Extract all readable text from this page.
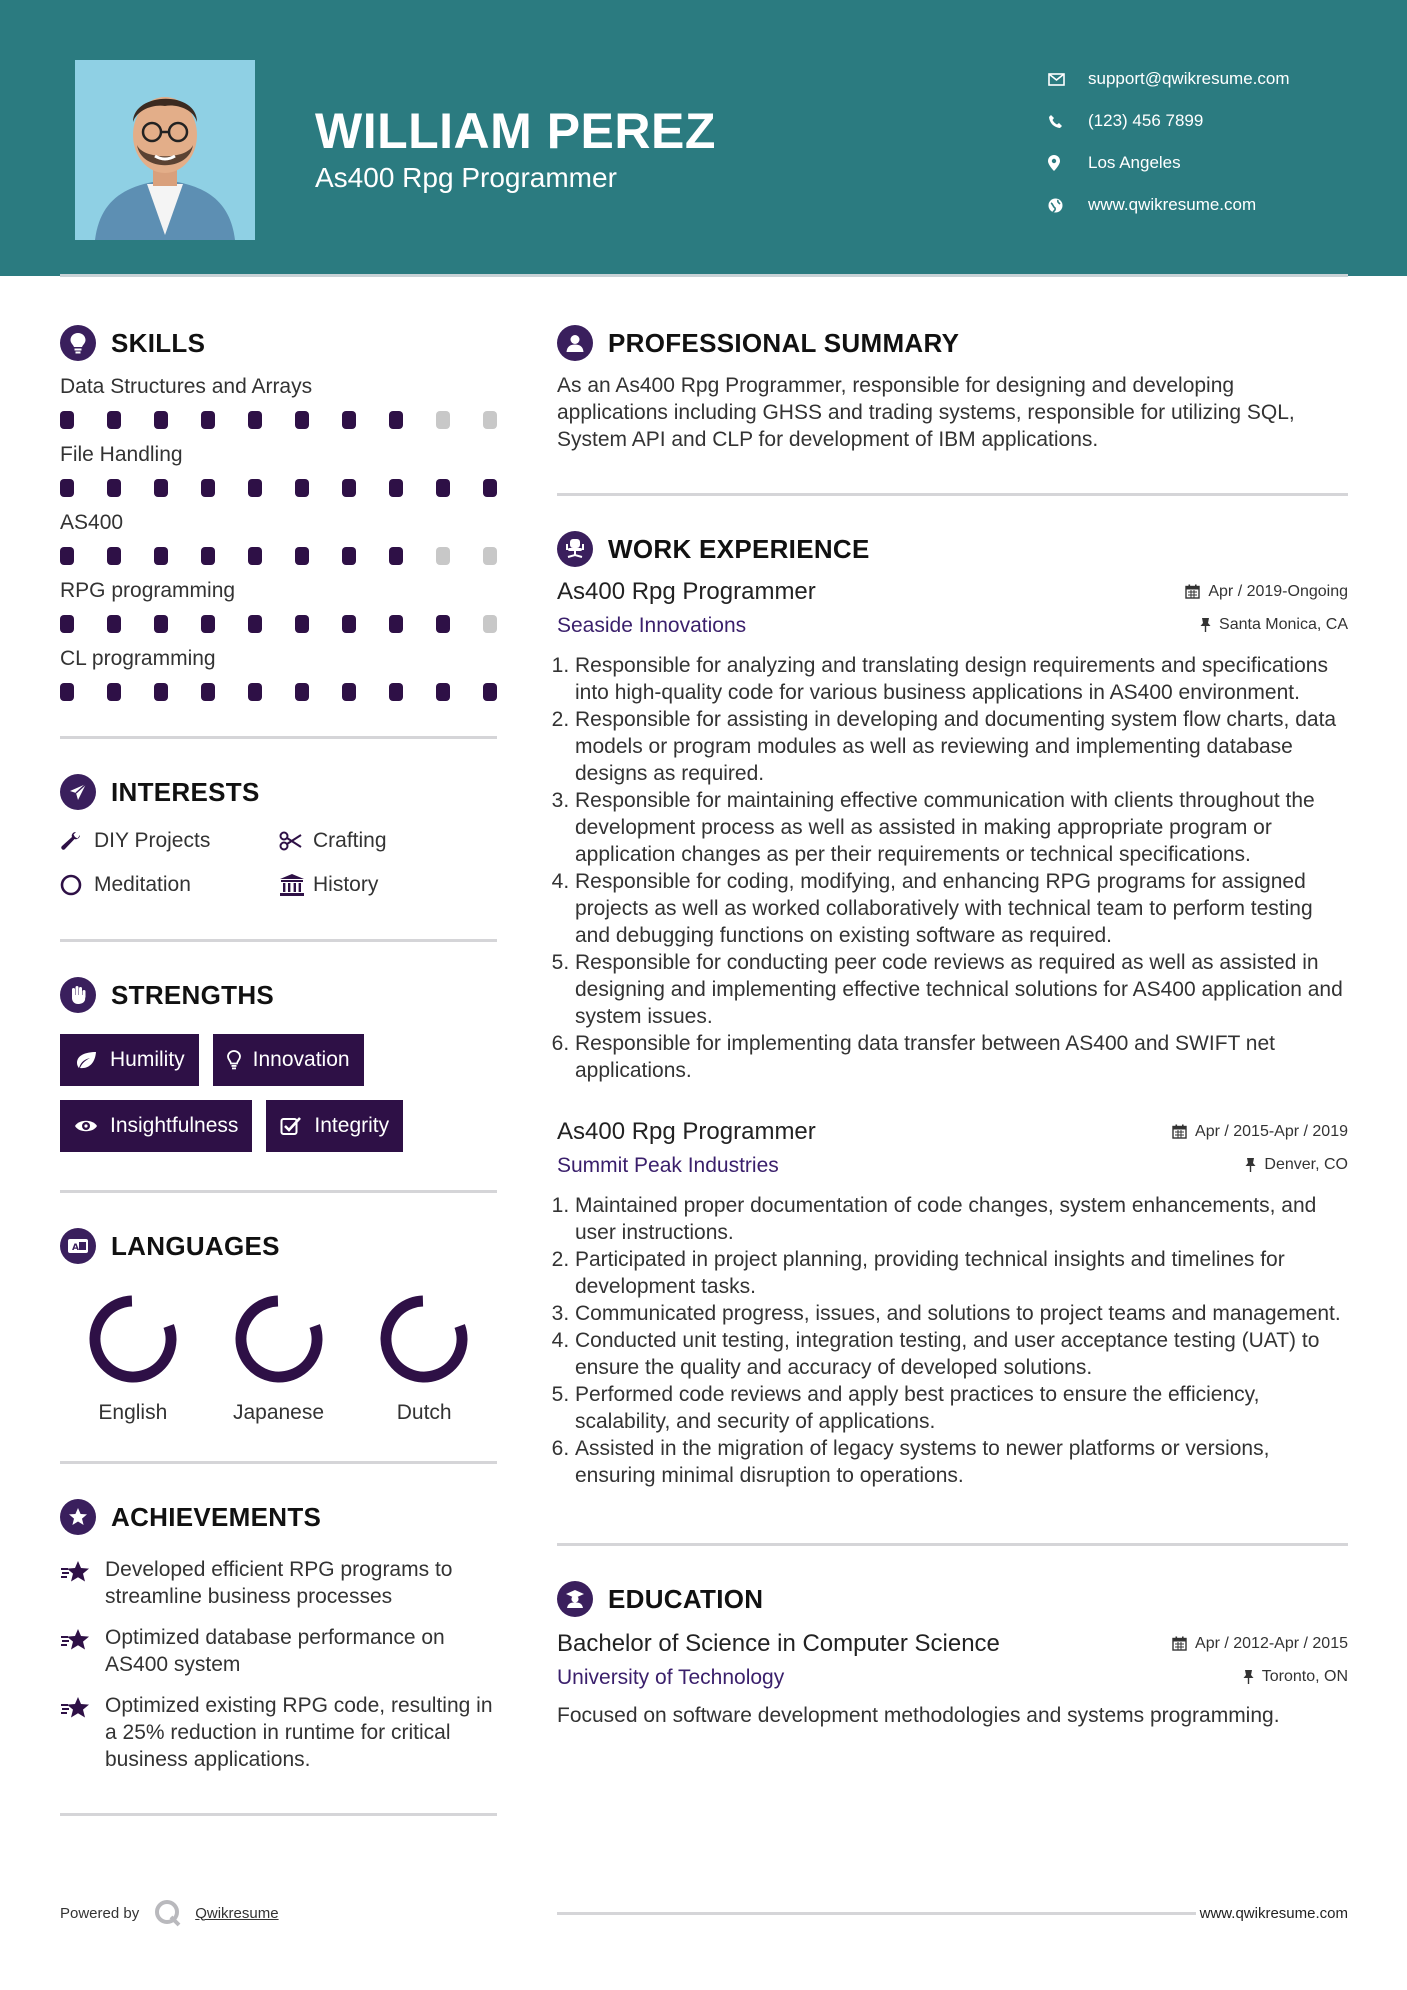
WILLIAM PEREZ
As400 Rpg Programmer
support@qwikresume.com
(123) 456 7899
Los Angeles
www.qwikresume.com
SKILLS
Data Structures and Arrays
File Handling
AS400
RPG programming
CL programming
INTERESTS
DIY Projects	Crafting
Meditation	History
STRENGTHS
Humility	Innovation
Insightfulness	Integrity
A LANGUAGES
English	Japanese	Dutch
ACHIEVEMENTS
Developed efficient RPG programs to streamline business processes
Optimized database performance on AS400 system
Optimized existing RPG code, resulting in a 25% reduction in runtime for critical business applications.
PROFESSIONAL SUMMARY

As an As400 Rpg Programmer, responsible for designing and developing applications including GHSS and trading systems, responsible for utilizing SQL, System API and CLP for development of IBM applications.

WORK EXPERIENCE
As400 Rpg Programmer	Apr / 2019-Ongoing
Seaside Innovations	Santa Monica, CA
1. Responsible for analyzing and translating design requirements and specifications into high-quality code for various business applications in AS400 environment.
2. Responsible for assisting in developing and documenting system flow charts, data models or program modules as well as reviewing and implementing database designs as required.
3. Responsible for maintaining effective communication with clients throughout the development process as well as assisted in making appropriate program or application changes as per their requirements or technical specifications.
4. Responsible for coding, modifying, and enhancing RPG programs for assigned projects as well as worked collaboratively with technical team to perform testing and debugging functions on existing software as required.
5. Responsible for conducting peer code reviews as required as well as assisted in designing and implementing effective technical solutions for AS400 application and system issues.
6. Responsible for implementing data transfer between AS400 and SWIFT net applications.
As400 Rpg Programmer	Apr / 2015-Apr / 2019
Summit Peak Industries	Denver, CO
1. Maintained proper documentation of code changes, system enhancements, and user instructions.
2. Participated in project planning, providing technical insights and timelines for development tasks.
3. Communicated progress, issues, and solutions to project teams and management.
4. Conducted unit testing, integration testing, and user acceptance testing (UAT) to ensure the quality and accuracy of developed solutions.
5. Performed code reviews and apply best practices to ensure the efficiency, scalability, and security of applications.
6. Assisted in the migration of legacy systems to newer platforms or versions, ensuring minimal disruption to operations.
EDUCATION
Bachelor of Science in Computer Science	Apr / 2012-Apr / 2015
University of Technology	Toronto, ON

Focused on software development methodologies and systems programming.

Powered by	Qwikresume	www.qwikresume.com
